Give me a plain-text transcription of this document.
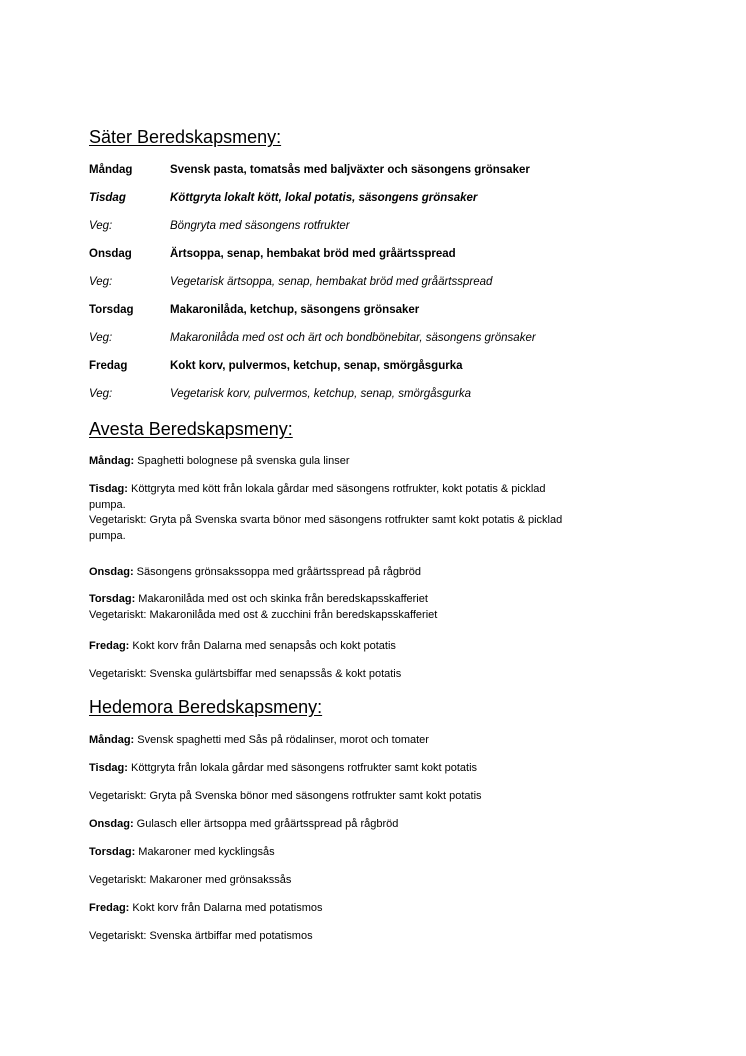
Säter Beredskapsmeny:
Måndag	Svensk pasta, tomatsås med baljväxter och säsongens grönsaker
Tisdag	Köttgryta lokalt kött, lokal potatis, säsongens grönsaker
Veg:	Böngryta med säsongens rotfrukter
Onsdag	Ärtsoppa, senap, hembakat bröd med gråärtsspread
Veg:	Vegetarisk ärtsoppa, senap, hembakat bröd med gråärtsspread
Torsdag	Makaronilåda, ketchup, säsongens grönsaker
Veg:	Makaronilåda med ost och ärt och bondbönebitar, säsongens grönsaker
Fredag	Kokt korv, pulvermos, ketchup, senap, smörgåsgurka
Veg:	Vegetarisk korv, pulvermos, ketchup, senap, smörgåsgurka
Avesta Beredskapsmeny:
Måndag: Spaghetti bolognese på svenska gula linser
Tisdag: Köttgryta med kött från lokala gårdar med säsongens rotfrukter, kokt potatis & picklad
pumpa.
Vegetariskt: Gryta på Svenska svarta bönor med säsongens rotfrukter samt kokt potatis & picklad
pumpa.
Onsdag: Säsongens grönsakssoppa med gråärtsspread på rågbröd
Torsdag: Makaronilåda med ost och skinka från beredskapsskafferiet
Vegetariskt: Makaronilåda med ost & zucchini från beredskapsskafferiet
Fredag: Kokt korv från Dalarna med senapsås och kokt potatis
Vegetariskt: Svenska gulärtsbiffar med senapssås & kokt potatis
Hedemora Beredskapsmeny:
Måndag: Svensk spaghetti med Sås på rödalinser, morot och tomater
Tisdag: Köttgryta från lokala gårdar med säsongens rotfrukter samt kokt potatis
Vegetariskt: Gryta på Svenska bönor med säsongens rotfrukter samt kokt potatis
Onsdag: Gulasch eller ärtsoppa med gråärtsspread på rågbröd
Torsdag: Makaroner med kycklingsås
Vegetariskt: Makaroner med grönsakssås
Fredag: Kokt korv från Dalarna med potatismos
Vegetariskt: Svenska ärtbiffar med potatismos
